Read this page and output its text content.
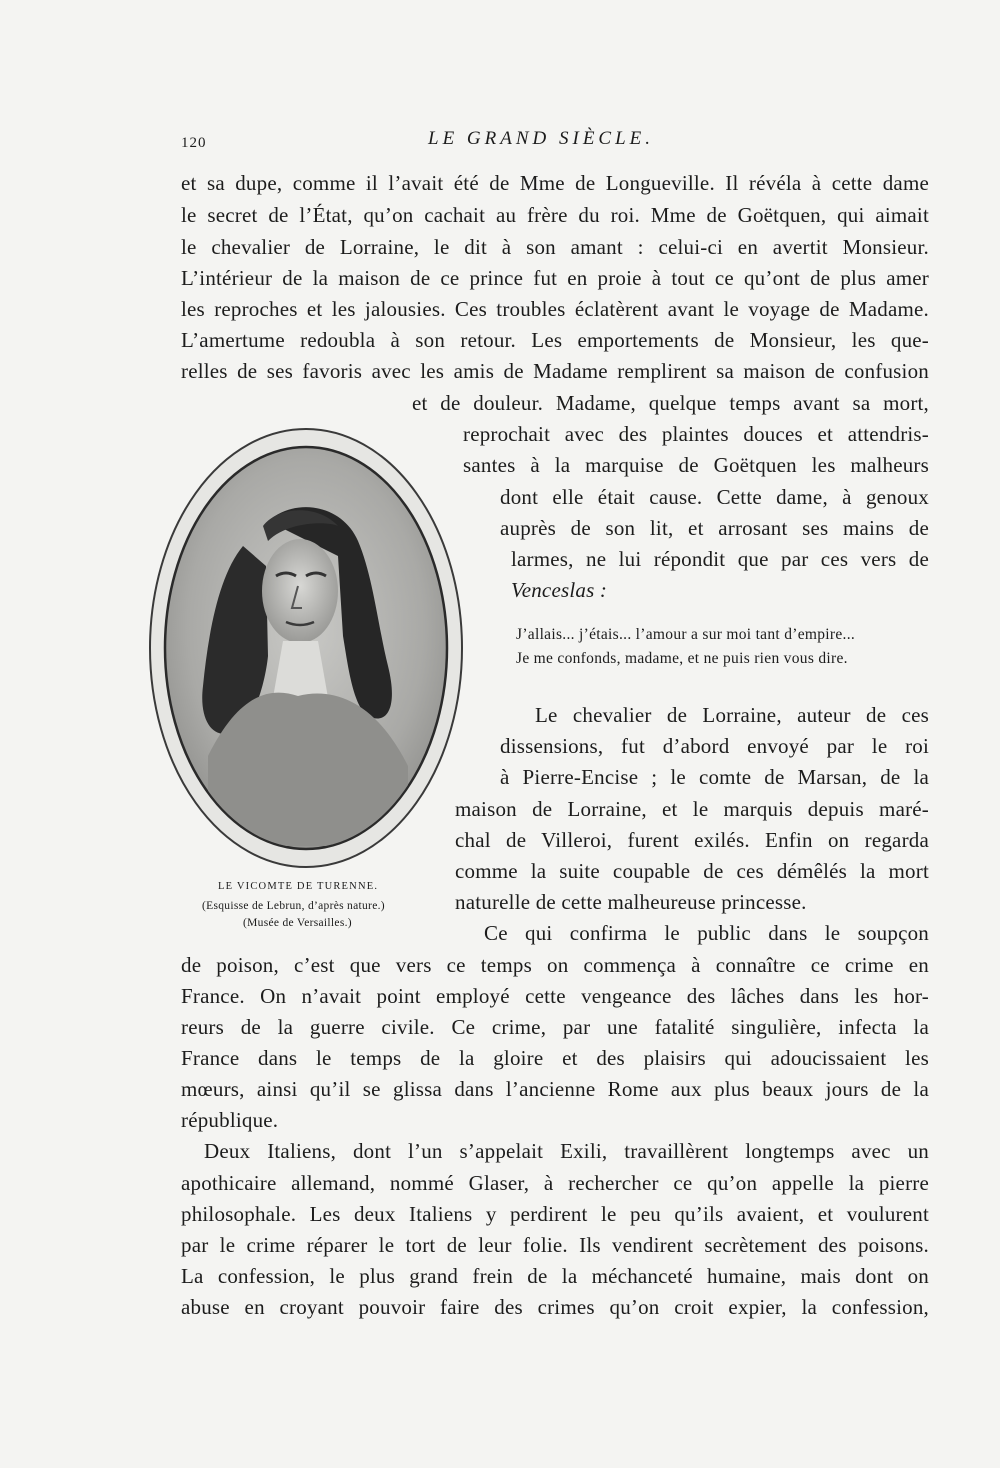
120	LE GRAND SIÈCLE.
et sa dupe, comme il l’avait été de Mme de Longueville. Il révéla à cette dame
le secret de l’État, qu’on cachait au frère du roi. Mme de Goëtquen, qui aimait
le chevalier de Lorraine, le dit à son amant : celui-ci en avertit Monsieur.
L’intérieur de la maison de ce prince fut en proie à tout ce qu’ont de plus amer
les reproches et les jalousies. Ces troubles éclatèrent avant le voyage de Madame.
L’amertume redoubla à son retour. Les emportements de Monsieur, les que-
relles de ses favoris avec les amis de Madame remplirent sa maison de confusion
et de douleur. Madame, quelque temps avant sa mort,
reprochait avec des plaintes douces et attendris-
santes à la marquise de Goëtquen les malheurs
dont elle était cause. Cette dame, à genoux
auprès de son lit, et arrosant ses mains de
larmes, ne lui répondit que par ces vers de
Venceslas :
J’allais... j’étais... l’amour a sur moi tant d’empire...
Je me confonds, madame, et ne puis rien vous dire.
Le chevalier de Lorraine, auteur de ces
dissensions, fut d’abord envoyé par le roi
à Pierre-Encise ; le comte de Marsan, de la
maison de Lorraine, et le marquis depuis maré-
chal de Villeroi, furent exilés. Enfin on regarda
comme la suite coupable de ces démêlés la mort
naturelle de cette malheureuse princesse.
Ce qui confirma le public dans le soupçon
de poison, c’est que vers ce temps on commença à connaître ce crime en
France. On n’avait point employé cette vengeance des lâches dans les hor-
reurs de la guerre civile. Ce crime, par une fatalité singulière, infecta la
France dans le temps de la gloire et des plaisirs qui adoucissaient les
mœurs, ainsi qu’il se glissa dans l’ancienne Rome aux plus beaux jours de la
république.
Deux Italiens, dont l’un s’appelait Exili, travaillèrent longtemps avec un
apothicaire allemand, nommé Glaser, à rechercher ce qu’on appelle la pierre
philosophale. Les deux Italiens y perdirent le peu qu’ils avaient, et voulurent
par le crime réparer le tort de leur folie. Ils vendirent secrètement des poisons.
La confession, le plus grand frein de la méchanceté humaine, mais dont on
abuse en croyant pouvoir faire des crimes qu’on croit expier, la confession,
LE VICOMTE DE TURENNE.
(Esquisse de Lebrun, d’après nature.)
(Musée de Versailles.)
